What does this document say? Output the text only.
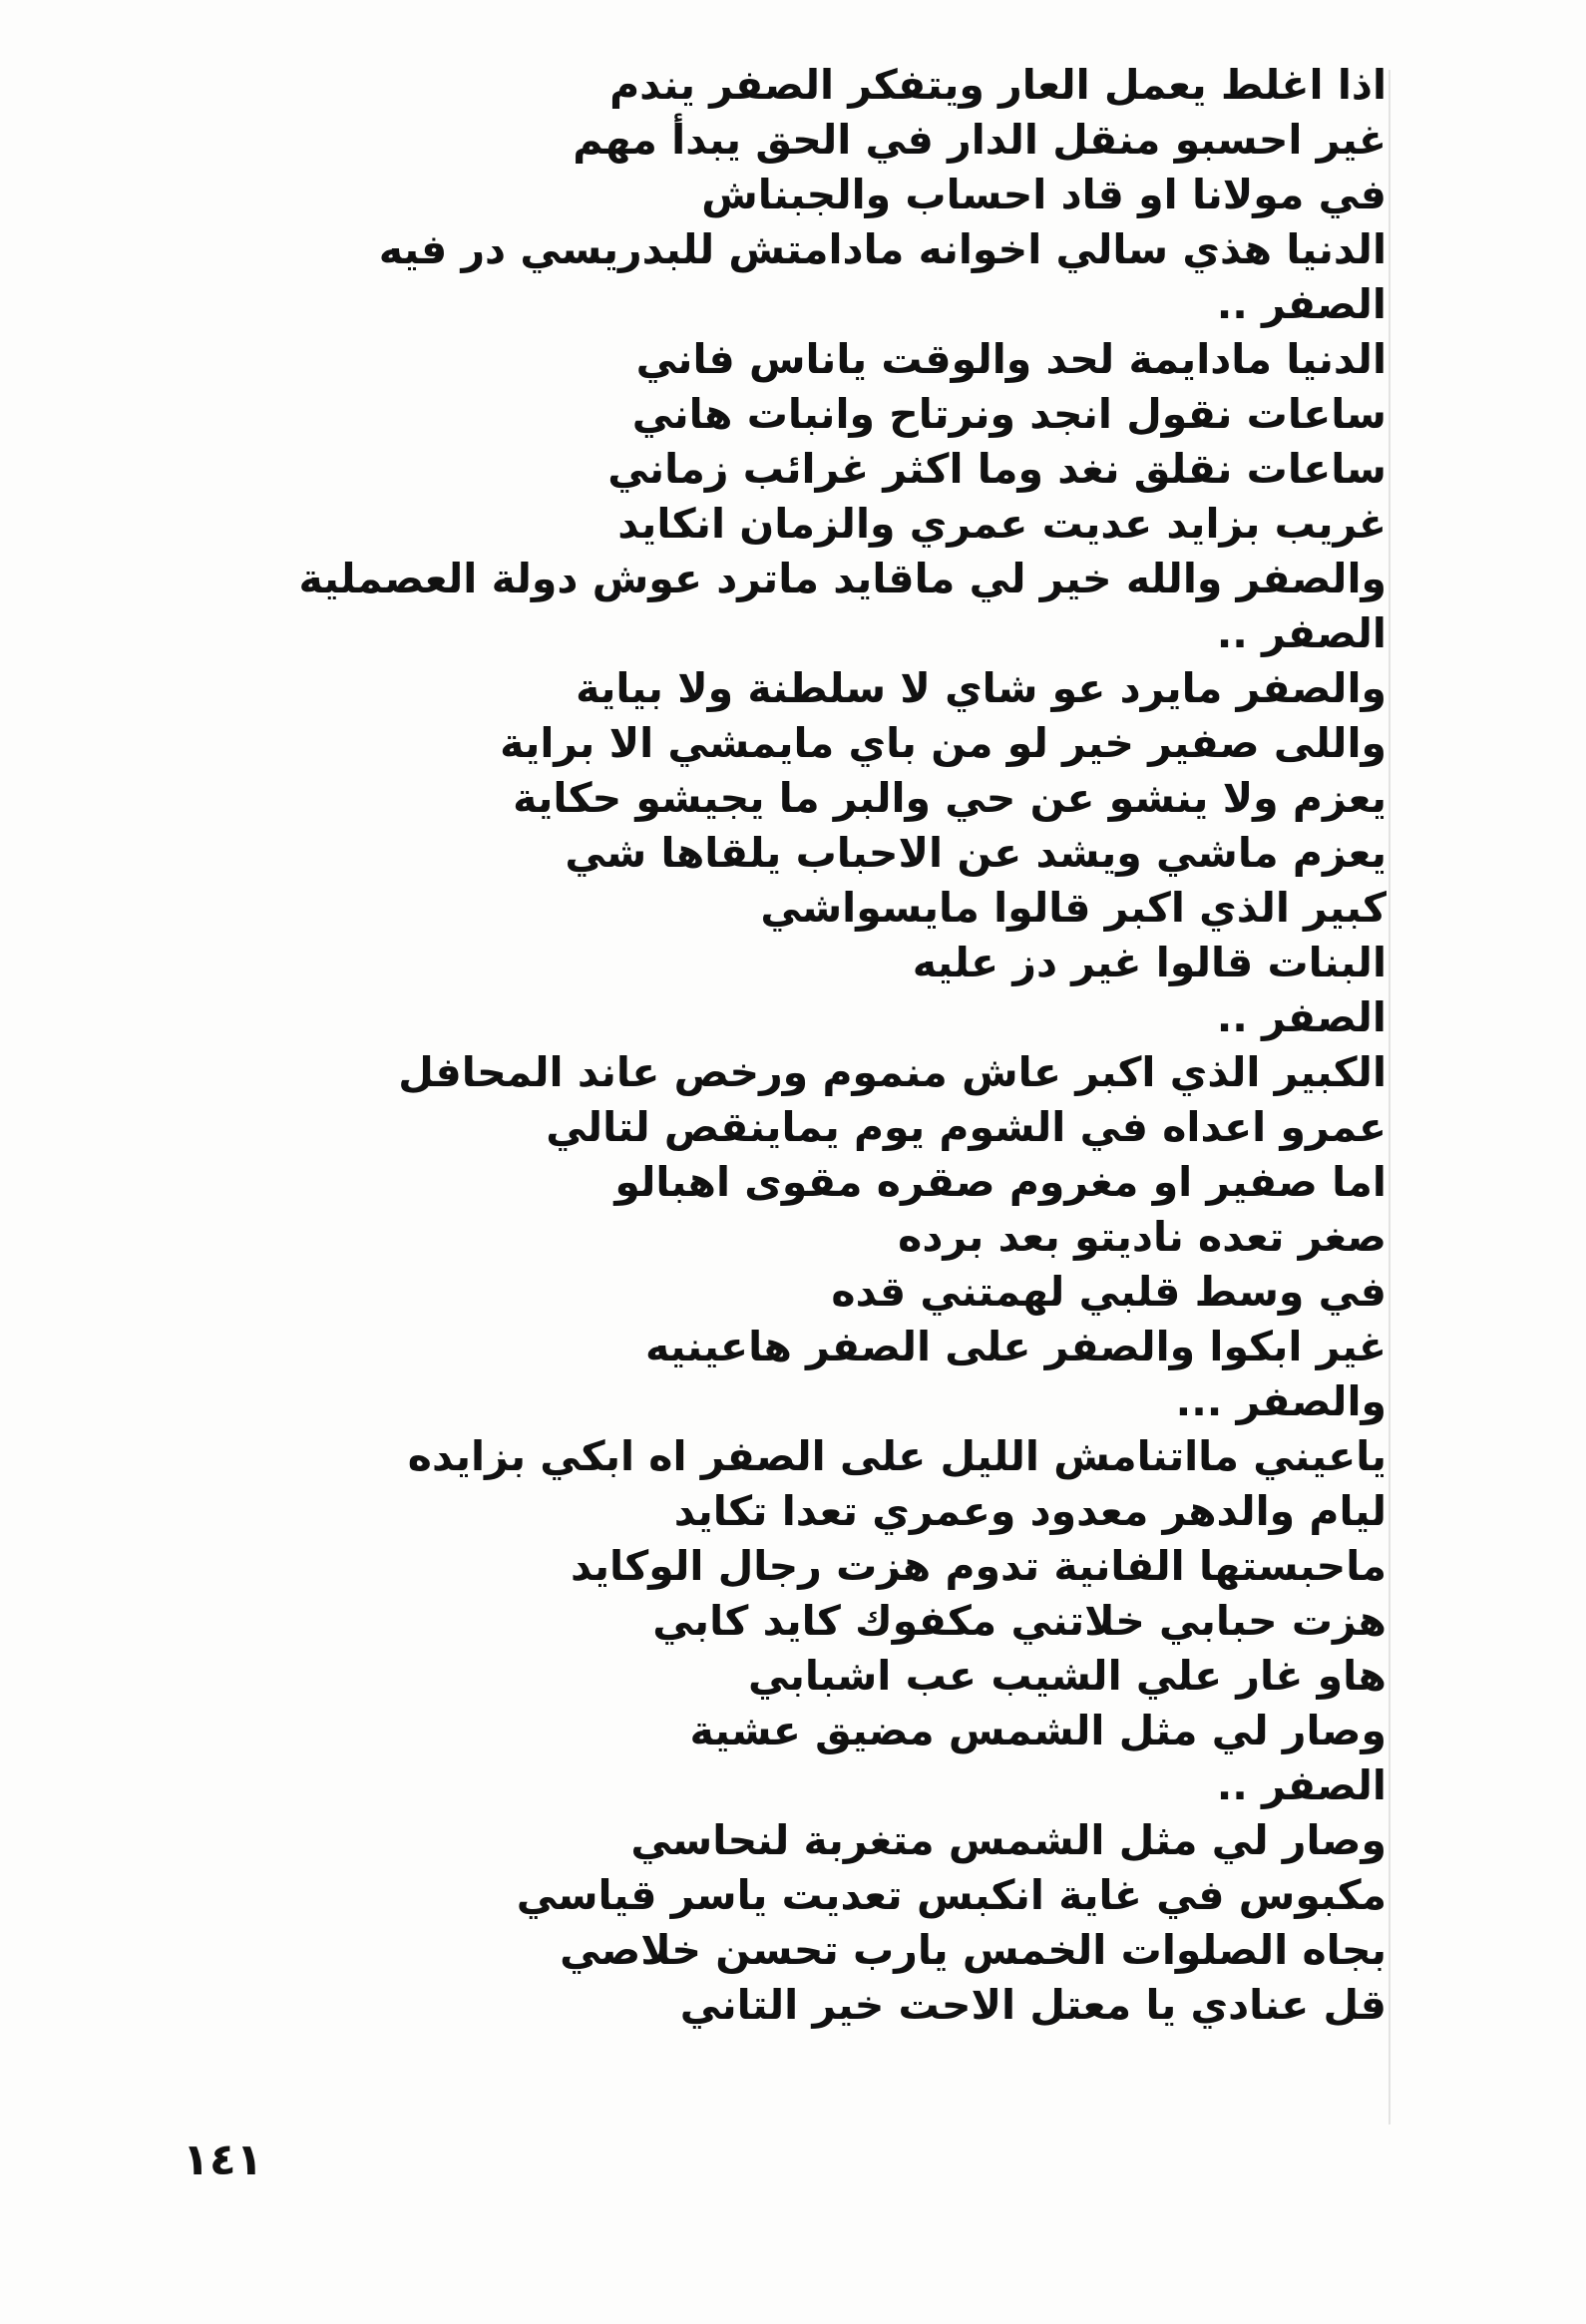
اذا اغلط يعمل العار ويتفكر الصفر يندم
غير احسبو منقل الدار في الحق يبدأ مهم
في مولانا او قاد احساب والجبناش
الدنيا هذي سالي اخوانه مادامتش للبدريسي در فيه
الصفر ..
الدنيا مادايمة لحد والوقت ياناس فاني
ساعات نقول انجد ونرتاح وانبات هاني
ساعات نقلق نغد وما اكثر غرائب زماني
غريب بزايد عديت عمري والزمان انكايد
والصفر والله خير لي ماقايد ماترد عوش دولة العصملية
الصفر ..
والصفر مايرد عو شاي لا سلطنة ولا بياية
واللى صفير خير لو من باي مايمشي الا براية
يعزم ولا ينشو عن حي والبر ما يجيشو حكاية
يعزم ماشي ويشد عن الاحباب يلقاها شي
كبير الذي اكبر قالوا مايسواشي
البنات قالوا غير دز عليه
الصفر ..
الكبير الذي اكبر عاش منموم ورخص عاند المحافل
عمرو اعداه في الشوم يوم يماينقص لتالي
اما صفير او مغروم صقره مقوى اهبالو
صغر تعده ناديتو بعد برده
في وسط قلبي لهمتني قده
غير ابكوا والصفر على الصفر هاعينيه
والصفر ...
ياعيني مااتنامش الليل على الصفر اه ابكي بزايده
ليام والدهر معدود وعمري تعدا تكايد
ماحبستها الفانية تدوم هزت رجال الوكايد
هزت حبابي خلاتني مكفوك كايد كابي
هاو غار علي الشيب عب اشبابي
وصار لي مثل الشمس مضيق عشية
الصفر ..
وصار لي مثل الشمس متغربة لنحاسي
مكبوس في غاية انكبس تعديت ياسر قياسي
بجاه الصلوات الخمس يارب تحسن خلاصي
قل عنادي يا معتل الاحت خير التاني
١٤١
